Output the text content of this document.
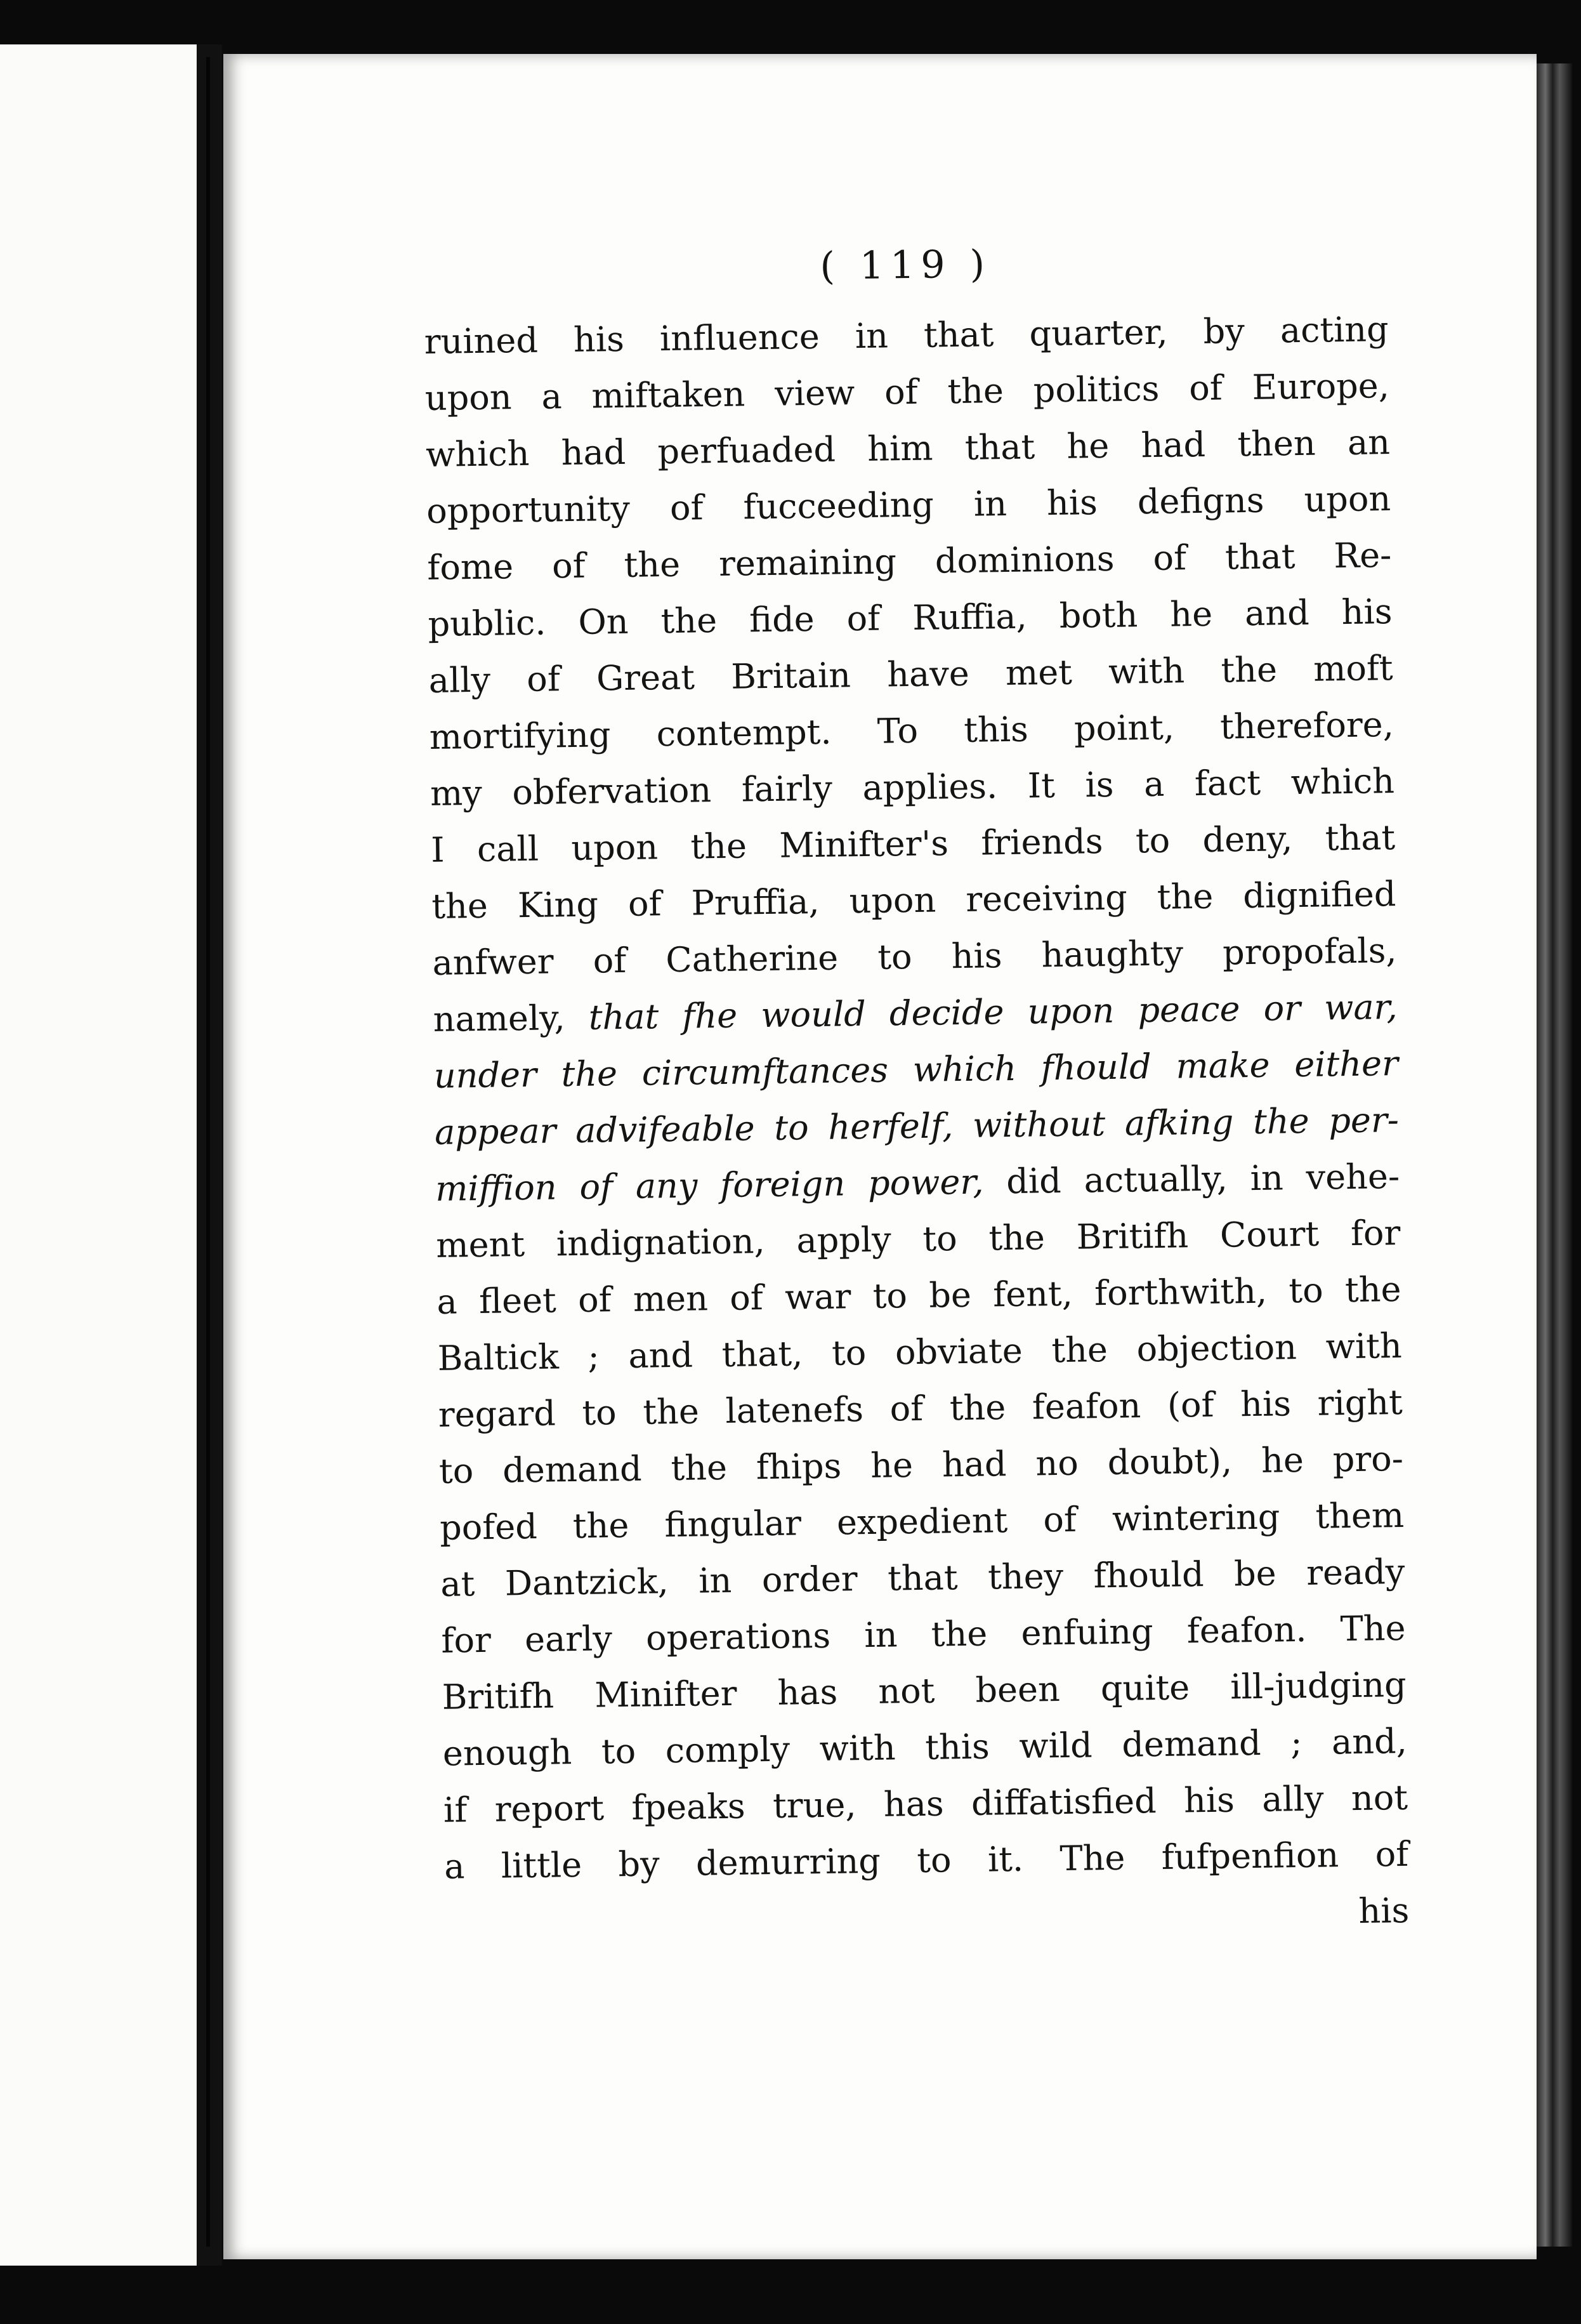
( 119 )
ruined his influence in that quarter, by acting
upon a miftaken view of the politics of Europe,
which had perfuaded him that he had then an
opportunity of fucceeding in his defigns upon
fome of the remaining dominions of that Re-
public. On the fide of Ruffia, both he and his
ally of Great Britain have met with the moft
mortifying contempt. To this point, therefore,
my obfervation fairly applies. It is a fact which
I call upon the Minifter's friends to deny, that
the King of Pruffia, upon receiving the dignified
anfwer of Catherine to his haughty propofals,
namely, that fhe would decide upon peace or war,
under the circumftances which fhould make either
appear advifeable to herfelf, without afking the per-
miffion of any foreign power, did actually, in vehe-
ment indignation, apply to the Britifh Court for
a fleet of men of war to be fent, forthwith, to the
Baltick ; and that, to obviate the objection with
regard to the latenefs of the feafon (of his right
to demand the fhips he had no doubt), he pro-
pofed the fingular expedient of wintering them
at Dantzick, in order that they fhould be ready
for early operations in the enfuing feafon. The
Britifh Minifter has not been quite ill-judging
enough to comply with this wild demand ; and,
if report fpeaks true, has diffatisfied his ally not
a little by demurring to it. The fufpenfion of
his
